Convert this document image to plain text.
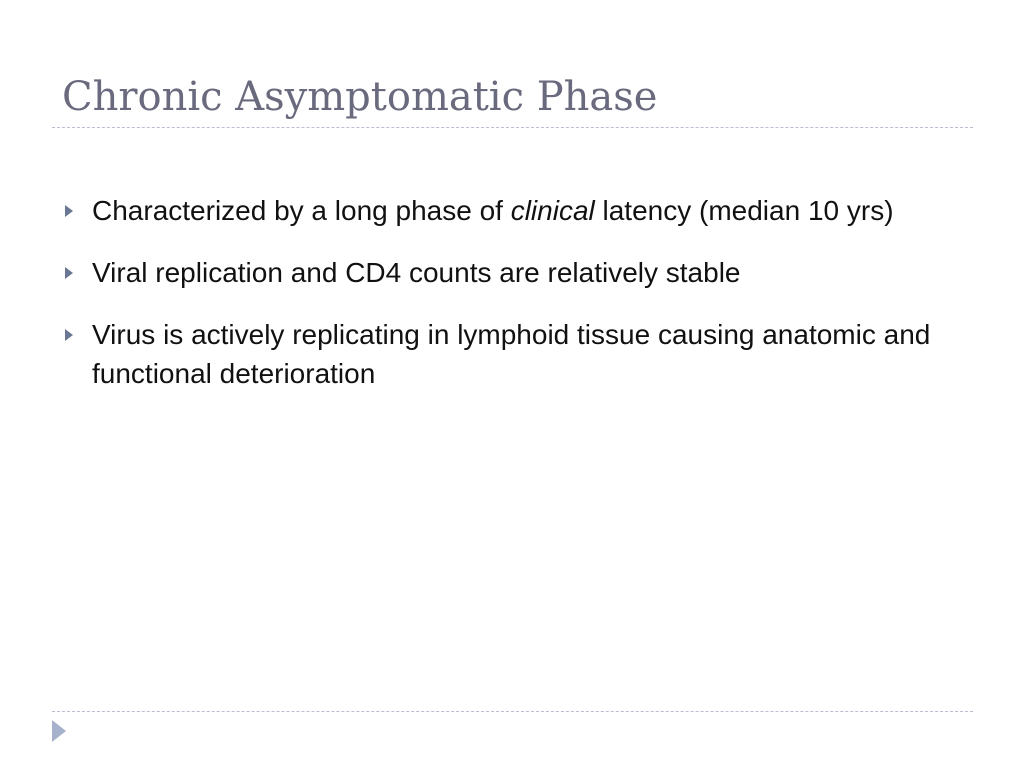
Chronic Asymptomatic Phase
Characterized by a long phase of clinical latency (median 10 yrs)
Viral replication and CD4 counts are relatively stable
Virus is actively replicating in lymphoid tissue causing anatomic and functional deterioration
